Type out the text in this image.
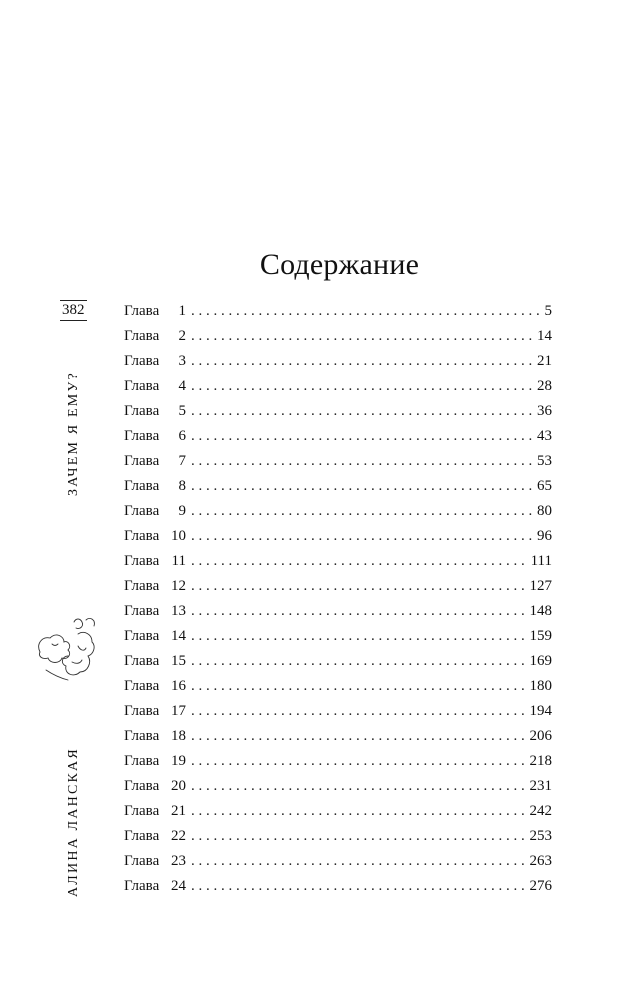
Содержание
382
ЗАЧЕМ Я ЕМУ?
АЛИНА ЛАНСКАЯ
Глава	1 . . .	5
Глава	2 . . .	14
Глава	3 . . .	21
Глава	4 . . .	28
Глава	5 . . .	36
Глава	6 . . .	43
Глава	7 . . .	53
Глава	8 . . .	65
Глава	9 . . .	80
Глава 10 . . .	96
Глава 11 . . .	111
Глава 12 . . .	127
Глава 13 . . .	148
Глава 14 . . .	159
Глава 15 . . .	169
Глава 16 . . .	180
Глава 17 . . .	194
Глава 18 . . .	206
Глава 19 . . .	218
Глава 20 . . .	231
Глава 21 . . .	242
Глава 22 . . .	253
Глава 23 . . .	263
Глава 24 . . .	276
